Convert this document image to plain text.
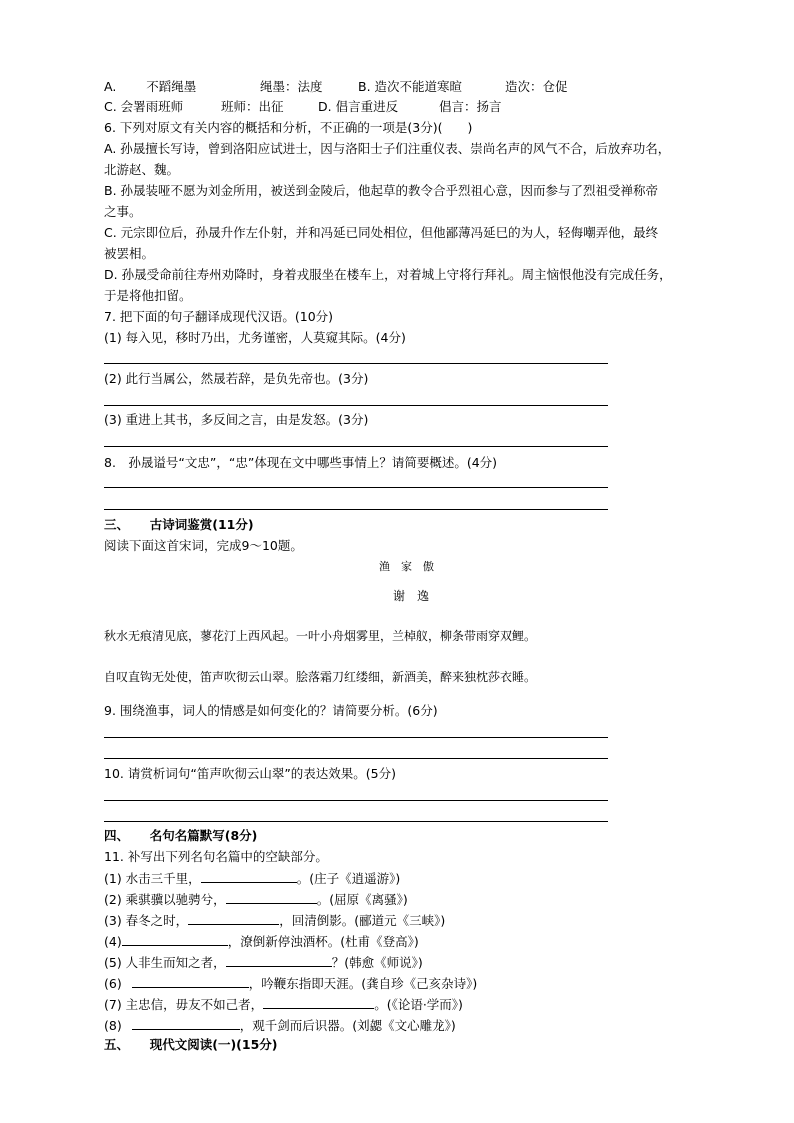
A. 不蹈绳墨	绳墨：法度	B. 造次不能道寒暄	造次：仓促
C. 会署雨班师	班师：出征	D. 倡言重进反	倡言：扬言
6. 下列对原文有关内容的概括和分析，不正确的一项是(3分)(　　)
A. 孙晟擅长写诗，曾到洛阳应试进士，因与洛阳士子们注重仪表、崇尚名声的风气不合，后放弃功名，
北游赵、魏。
B. 孙晟装哑不愿为刘金所用，被送到金陵后，他起草的教令合乎烈祖心意，因而参与了烈祖受禅称帝
之事。
C. 元宗即位后，孙晟升作左仆射，并和冯延已同处相位，但他鄙薄冯延巳的为人，轻侮嘲弄他，最终
被罢相。
D. 孙晟受命前往寿州劝降时，身着戎服坐在楼车上，对着城上守将行拜礼。周主恼恨他没有完成任务，
于是将他扣留。
7. 把下面的句子翻译成现代汉语。(10分)
(1) 每入见，移时乃出，尤务谨密，人莫窥其际。(4分)
(2) 此行当属公，然晟若辞，是负先帝也。(3分)
(3) 重进上其书，多反间之言，由是发怒。(3分)
8.　孙晟谥号“文忠”，“忠”体现在文中哪些事情上？请简要概述。(4分)
三、 古诗词鉴赏(11分)
阅读下面这首宋词，完成9～10题。
渔　家　傲
谢　逸
秋水无痕清见底，蓼花汀上西风起。一叶小舟烟雾里，兰棹舣，柳条带雨穿双鲤。
自叹直钩无处使，笛声吹彻云山翠。脍落霜刀红缕细，新酒美，醉来独枕莎衣睡。
9. 围绕渔事，词人的情感是如何变化的？请简要分析。(6分)
10. 请赏析词句“笛声吹彻云山翠”的表达效果。(5分)
四、 名句名篇默写(8分)
11. 补写出下列名句名篇中的空缺部分。
(1) 水击三千里，	。(庄子《逍遥游》)
(2) 乘骐骥以驰骋兮，	。(屈原《离骚》)
(3) 春冬之时，	，回清倒影。(郦道元《三峡》)
(4)	，潦倒新停浊酒杯。(杜甫《登高》)
(5) 人非生而知之者，	？(韩愈《师说》)
(6)	，吟鞭东指即天涯。(龚自珍《己亥杂诗》)
(7) 主忠信，毋友不如己者，	。(《论语·学而》)
(8)	，观千剑而后识器。(刘勰《文心雕龙》)
五、 现代文阅读(一)(15分)
